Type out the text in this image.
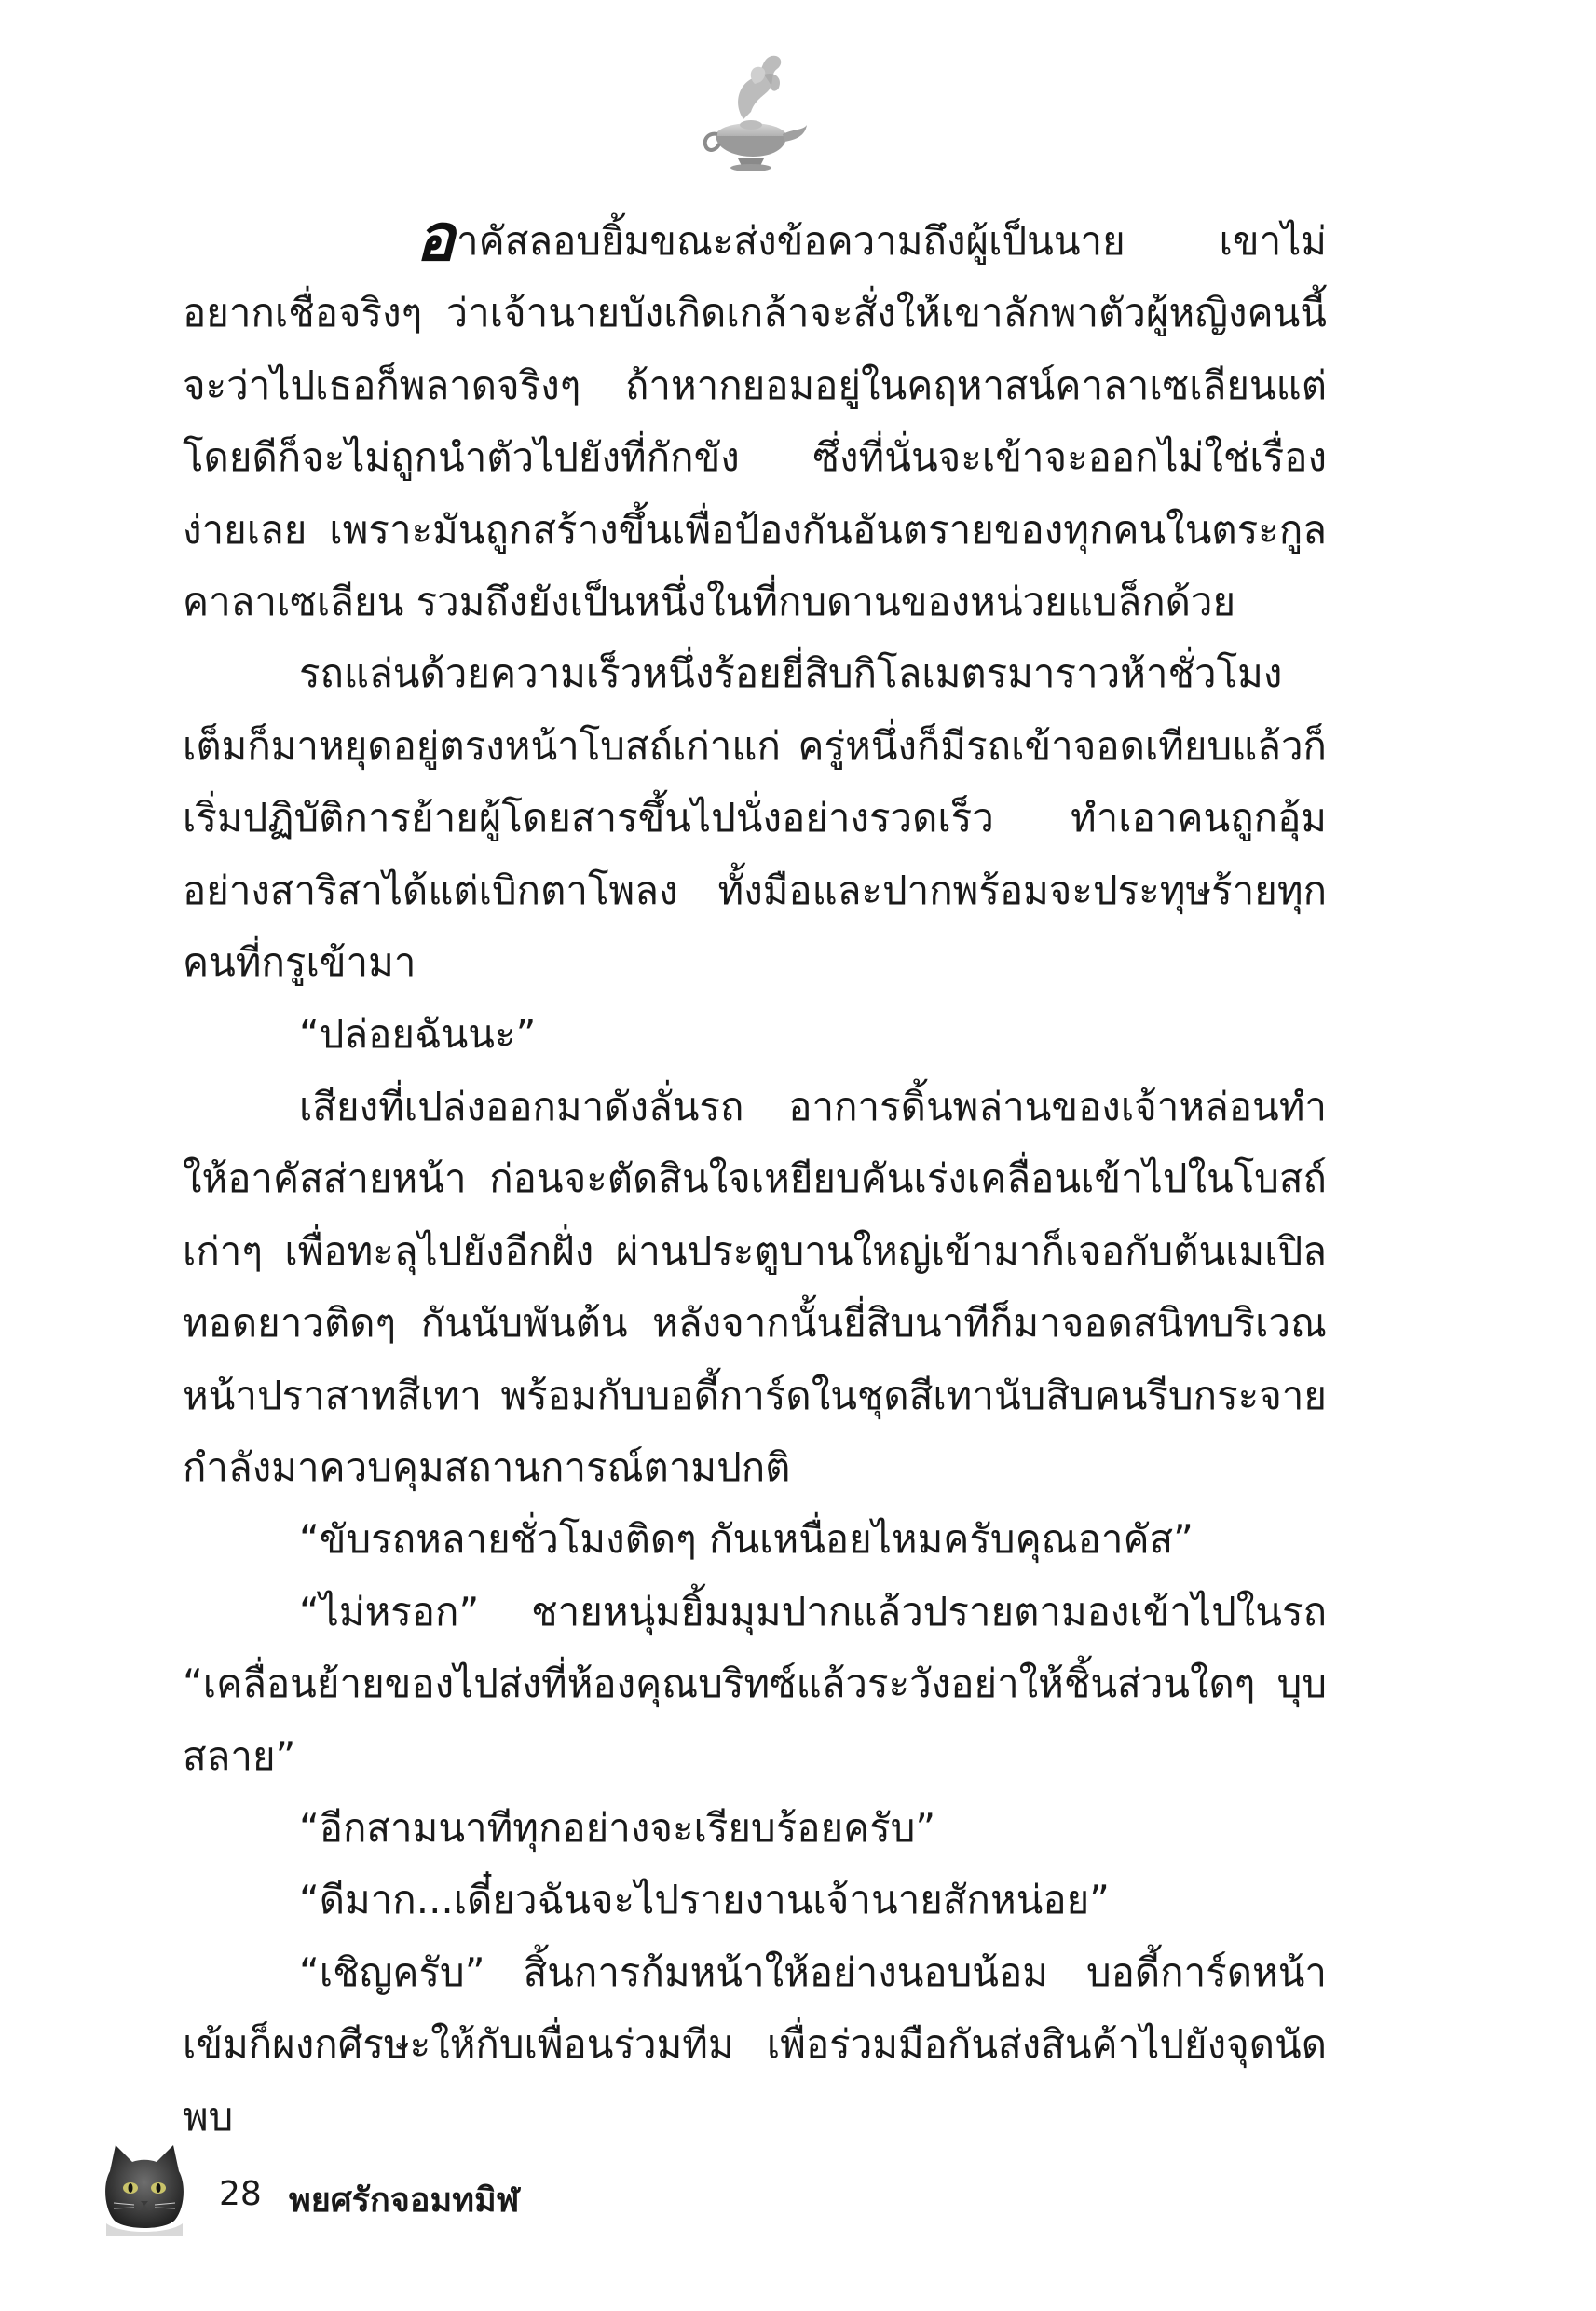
อาคัสลอบยิ้มขณะส่งข้อความถึงผู้เป็นนาย เขาไม่อยากเชื่อจริงๆ ว่าเจ้านายบังเกิดเกล้าจะสั่งให้เขาลักพาตัวผู้หญิงคนนี้ จะว่าไปเธอก็พลาดจริงๆ ถ้าหากยอมอยู่ในคฤหาสน์คาลาเซเลียนแต่โดยดีก็จะไม่ถูกนำตัวไปยังที่กักขัง ซึ่งที่นั่นจะเข้าจะออกไม่ใช่เรื่องง่ายเลย เพราะมันถูกสร้างขึ้นเพื่อป้องกันอันตรายของทุกคนในตระกูลคาลาเซเลียน รวมถึงยังเป็นหนึ่งในที่กบดานของหน่วยแบล็กด้วย

รถแล่นด้วยความเร็วหนึ่งร้อยยี่สิบกิโลเมตรมาราวห้าชั่วโมงเต็มก็มาหยุดอยู่ตรงหน้าโบสถ์เก่าแก่ ครู่หนึ่งก็มีรถเข้าจอดเทียบแล้วก็เริ่มปฏิบัติการย้ายผู้โดยสารขึ้นไปนั่งอย่างรวดเร็ว ทำเอาคนถูกอุ้มอย่างสาริสาได้แต่เบิกตาโพลง ทั้งมือและปากพร้อมจะประทุษร้ายทุกคนที่กรูเข้ามา

“ปล่อยฉันนะ”

เสียงที่เปล่งออกมาดังลั่นรถ อาการดิ้นพล่านของเจ้าหล่อนทำให้อาคัสส่ายหน้า ก่อนจะตัดสินใจเหยียบคันเร่งเคลื่อนเข้าไปในโบสถ์เก่าๆ เพื่อทะลุไปยังอีกฝั่ง ผ่านประตูบานใหญ่เข้ามาก็เจอกับต้นเมเปิลทอดยาวติดๆ กันนับพันต้น หลังจากนั้นยี่สิบนาทีก็มาจอดสนิทบริเวณหน้าปราสาทสีเทา พร้อมกับบอดี้การ์ดในชุดสีเทานับสิบคนรีบกระจายกำลังมาควบคุมสถานการณ์ตามปกติ

“ขับรถหลายชั่วโมงติดๆ กันเหนื่อยไหมครับคุณอาคัส”

“ไม่หรอก” ชายหนุ่มยิ้มมุมปากแล้วปรายตามองเข้าไปในรถ “เคลื่อนย้ายของไปส่งที่ห้องคุณบริทซ์แล้วระวังอย่าให้ชิ้นส่วนใดๆ บุบสลาย”

“อีกสามนาทีทุกอย่างจะเรียบร้อยครับ”

“ดีมาก...เดี๋ยวฉันจะไปรายงานเจ้านายสักหน่อย”

“เชิญครับ” สิ้นการก้มหน้าให้อย่างนอบน้อม บอดี้การ์ดหน้าเข้มก็ผงกศีรษะให้กับเพื่อนร่วมทีม เพื่อร่วมมือกันส่งสินค้าไปยังจุดนัดพบ

28 พยศรักจอมทมิฬ
